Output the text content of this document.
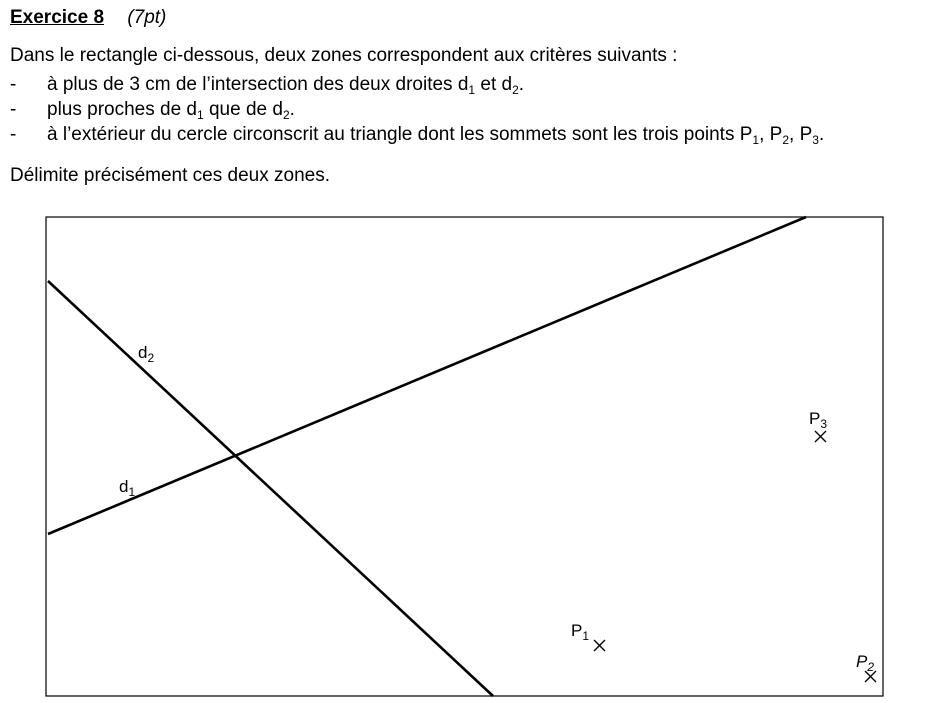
Exercice 8 (7pt)
Dans le rectangle ci-dessous, deux zones correspondent aux critères suivants :
- à plus de 3 cm de l’intersection des deux droites $d_1$ et $d_2$.
- plus proches de $d_1$ que de $d_2$.
- à l’extérieur du cercle circonscrit au triangle dont les sommets sont les trois points $P_1$, $P_2$, $P_3$.
Délimite précisément ces deux zones.
$d_1$
$d_2$
$P_1$
$P_2$
$P_3$
